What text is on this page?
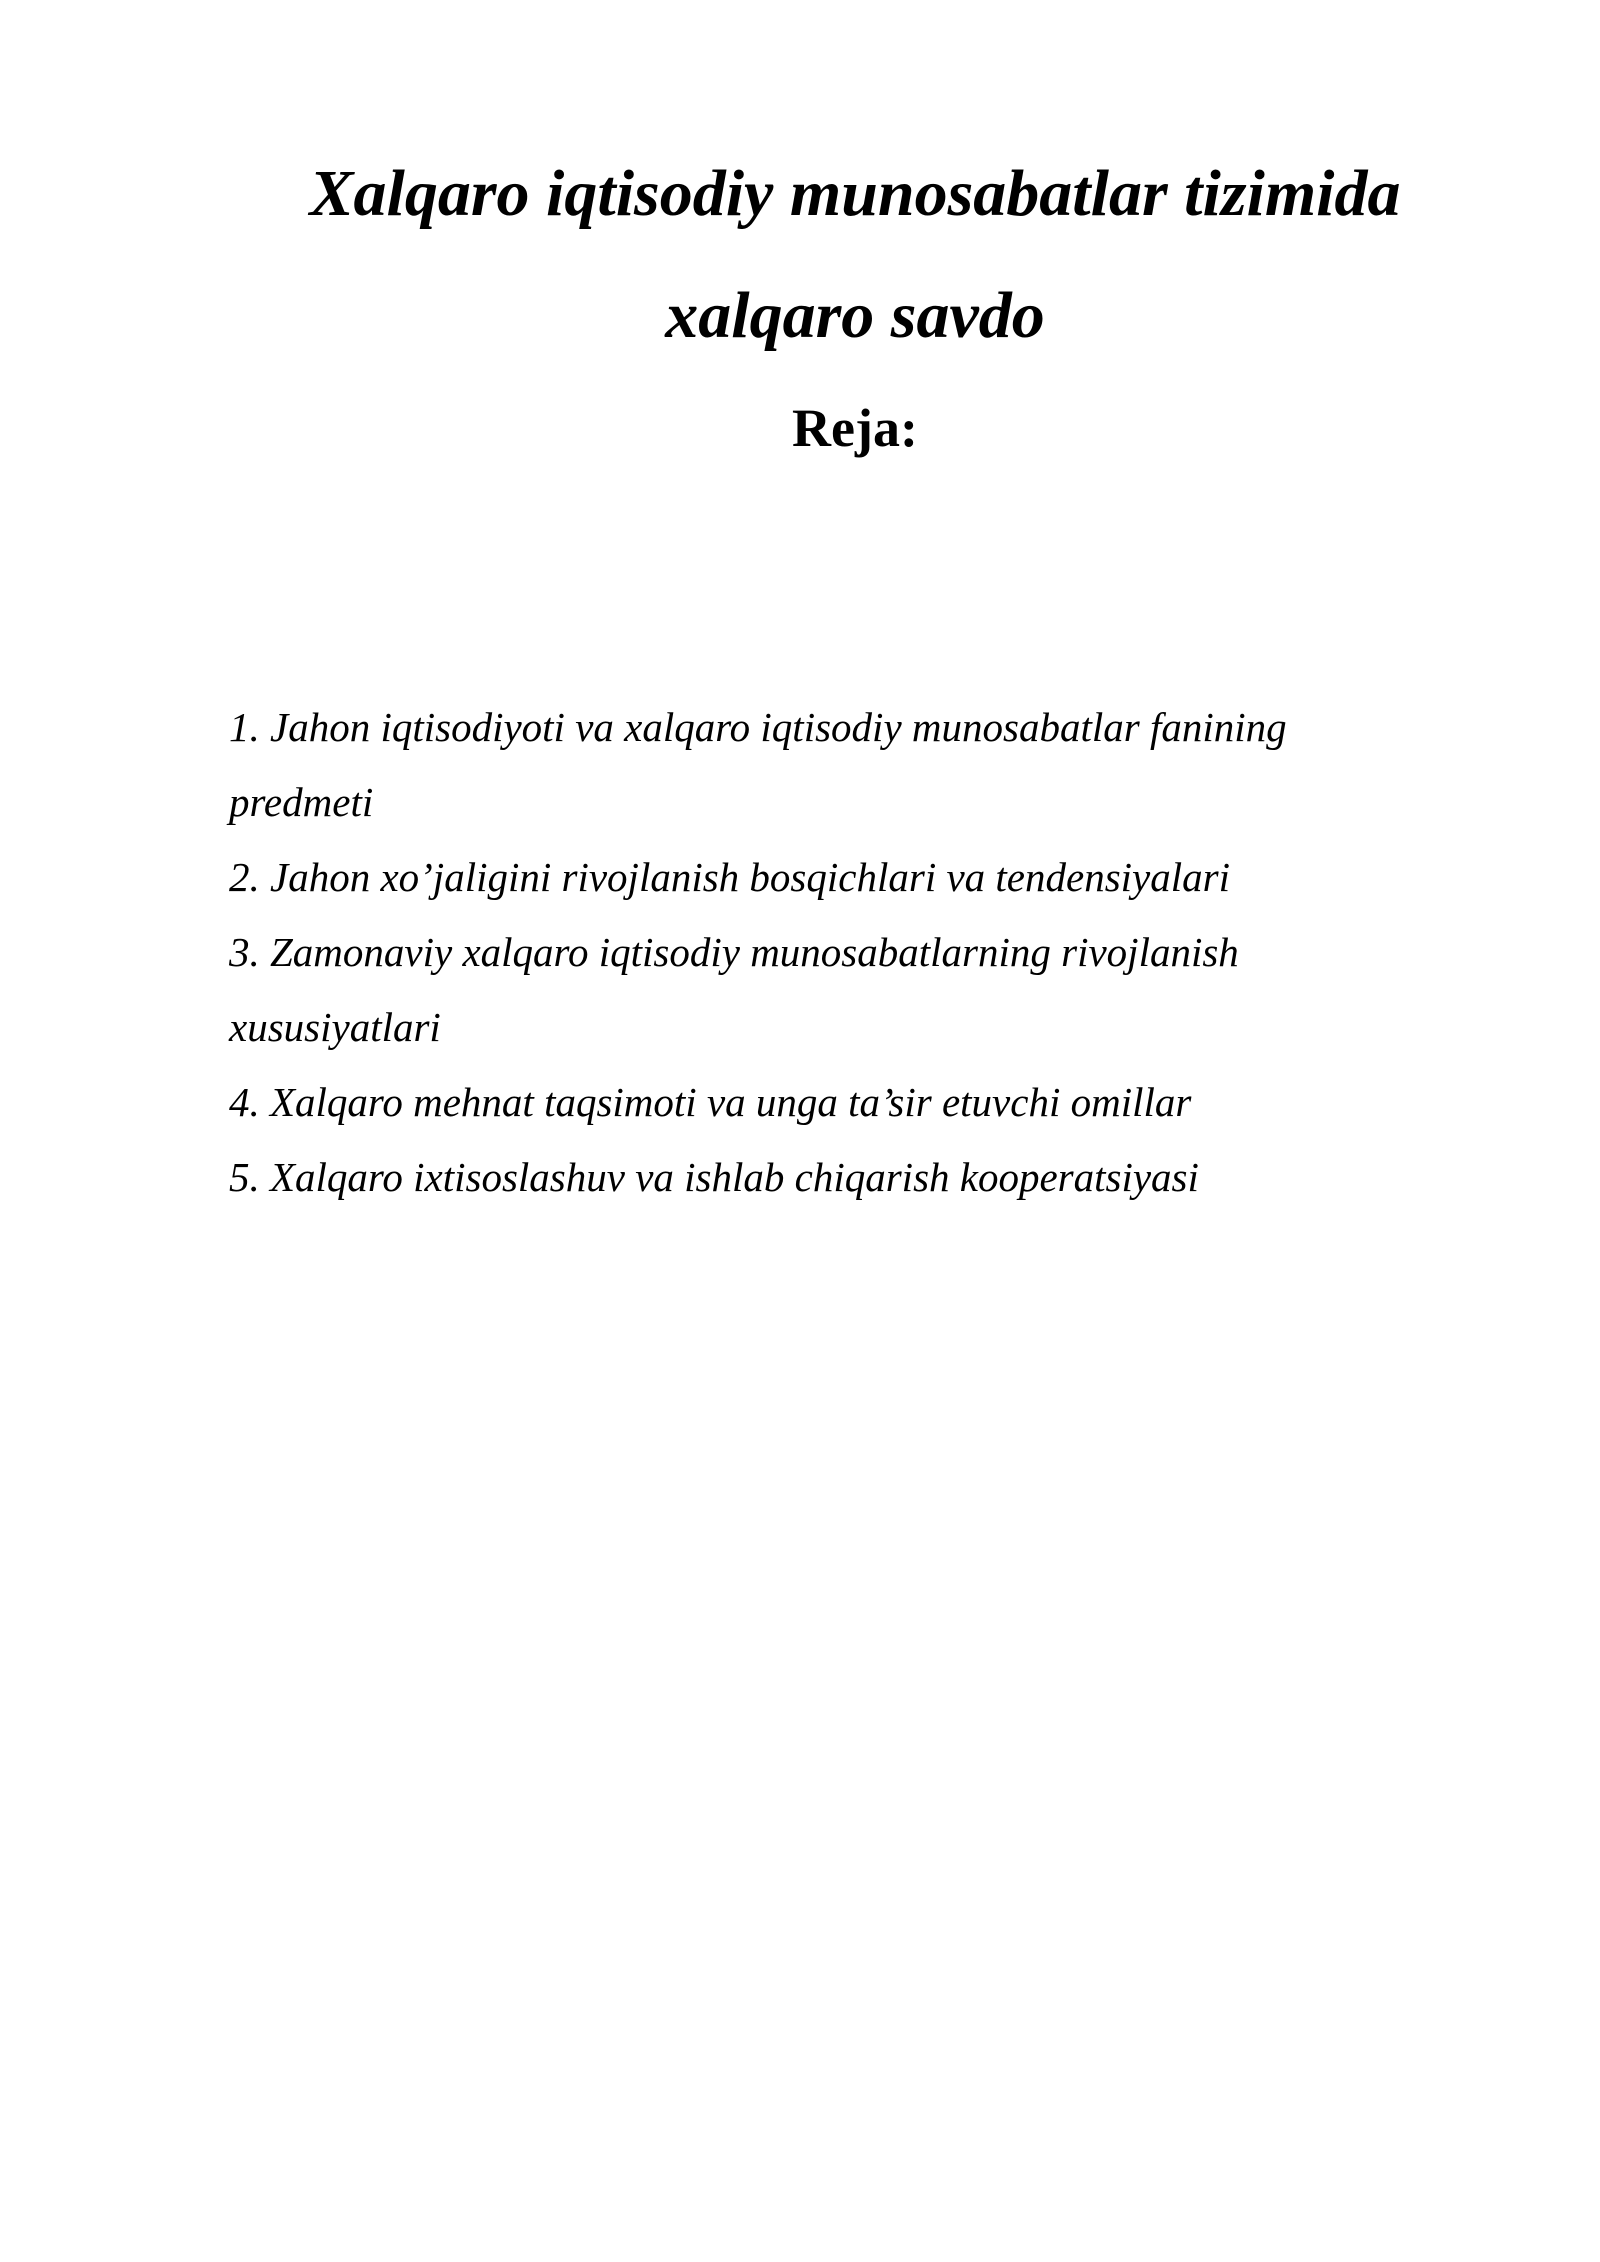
Xalqaro iqtisodiy munosabatlar tizimida
xalqaro savdo
Reja:
1. Jahon iqtisodiyoti va xalqaro iqtisodiy munosabatlar fanining
predmeti
2. Jahon xo’jaligini rivojlanish bosqichlari va tendensiyalari
3. Zamonaviy xalqaro iqtisodiy munosabatlarning rivojlanish
xususiyatlari
4. Xalqaro mehnat taqsimoti va unga ta’sir etuvchi omillar
5. Xalqaro ixtisoslashuv va ishlab chiqarish kooperatsiyasi
